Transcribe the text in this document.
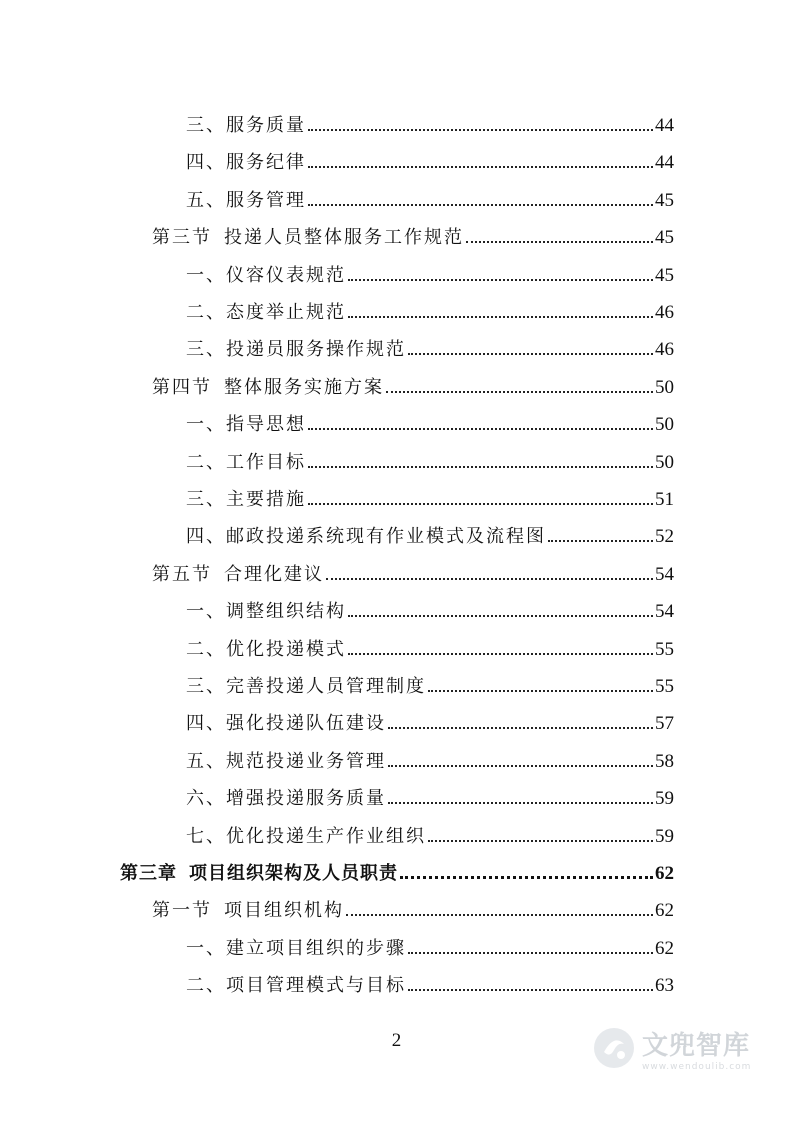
三、服务质量	44
四、服务纪律	44
五、服务管理	45
第三节 投递人员整体服务工作规范	45
一、仪容仪表规范	45
二、态度举止规范	46
三、投递员服务操作规范	46
第四节 整体服务实施方案	50
一、指导思想	50
二、工作目标	50
三、主要措施	51
四、邮政投递系统现有作业模式及流程图	52
第五节 合理化建议	54
一、调整组织结构	54
二、优化投递模式	55
三、完善投递人员管理制度	55
四、强化投递队伍建设	57
五、规范投递业务管理	58
六、增强投递服务质量	59
七、优化投递生产作业组织	59
第三章 项目组织架构及人员职责	62
第一节 项目组织机构	62
一、建立项目组织的步骤	62
二、项目管理模式与目标	63
2	文兜智库
www.wendoulib.com
